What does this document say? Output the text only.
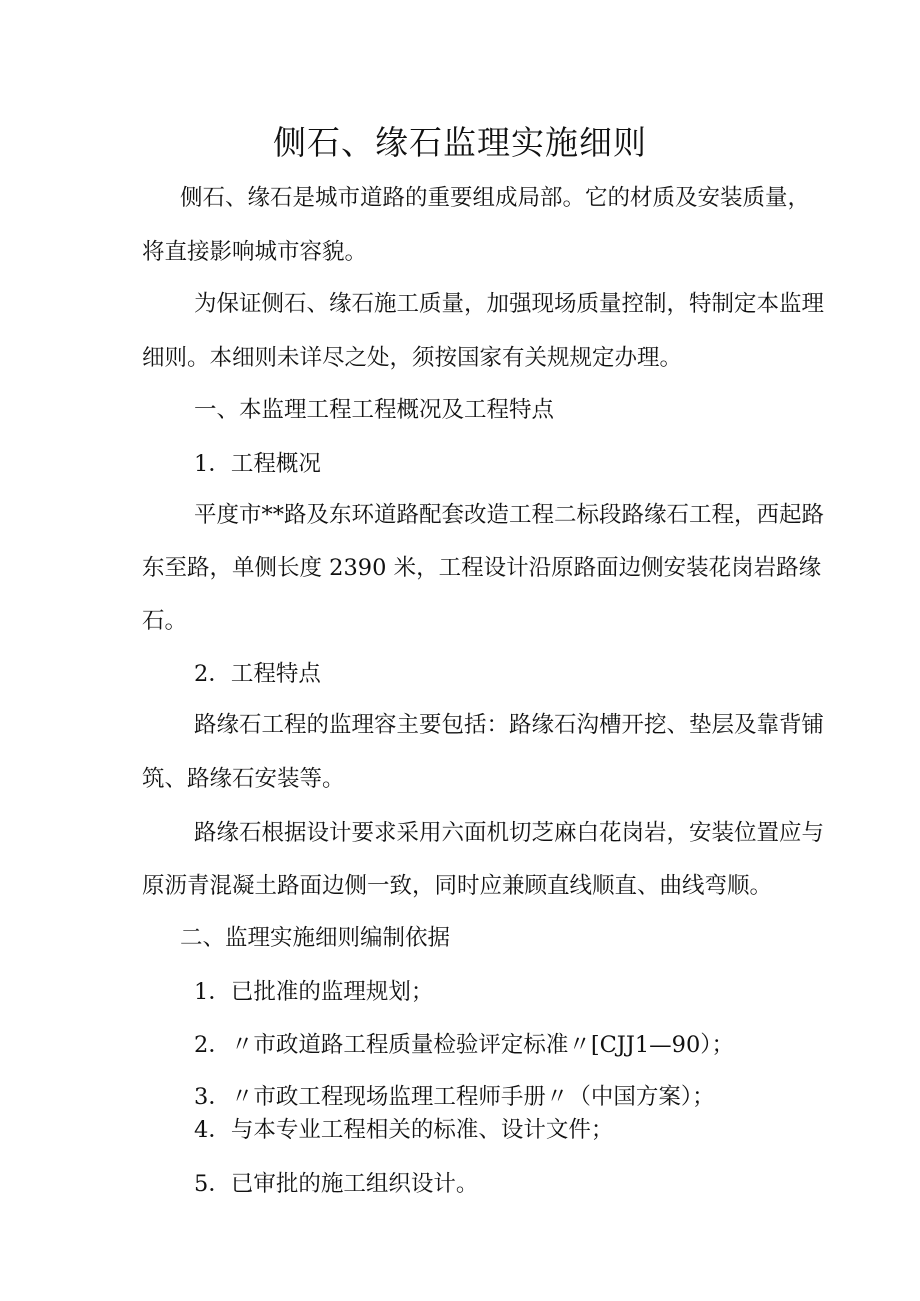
侧石、缘石监理实施细则
侧石、缘石是城市道路的重要组成局部。它的材质及安装质量，
将直接影响城市容貌。
为保证侧石、缘石施工质量，加强现场质量控制，特制定本监理
细则。本细则未详尽之处，须按国家有关规规定办理。
一、本监理工程工程概况及工程特点
1．工程概况
平度市**路及东环道路配套改造工程二标段路缘石工程，西起路
东至路，单侧长度 2390 米，工程设计沿原路面边侧安装花岗岩路缘
石。
2．工程特点
路缘石工程的监理容主要包括：路缘石沟槽开挖、垫层及靠背铺
筑、路缘石安装等。
路缘石根据设计要求采用六面机切芝麻白花岗岩，安装位置应与
原沥青混凝土路面边侧一致，同时应兼顾直线顺直、曲线弯顺。
二、监理实施细则编制依据
1．已批准的监理规划；
2．〃市政道路工程质量检验评定标准〃[CJJ1—90）；
3．〃市政工程现场监理工程师手册〃（中国方案）；
4．与本专业工程相关的标准、设计文件；
5．已审批的施工组织设计。
